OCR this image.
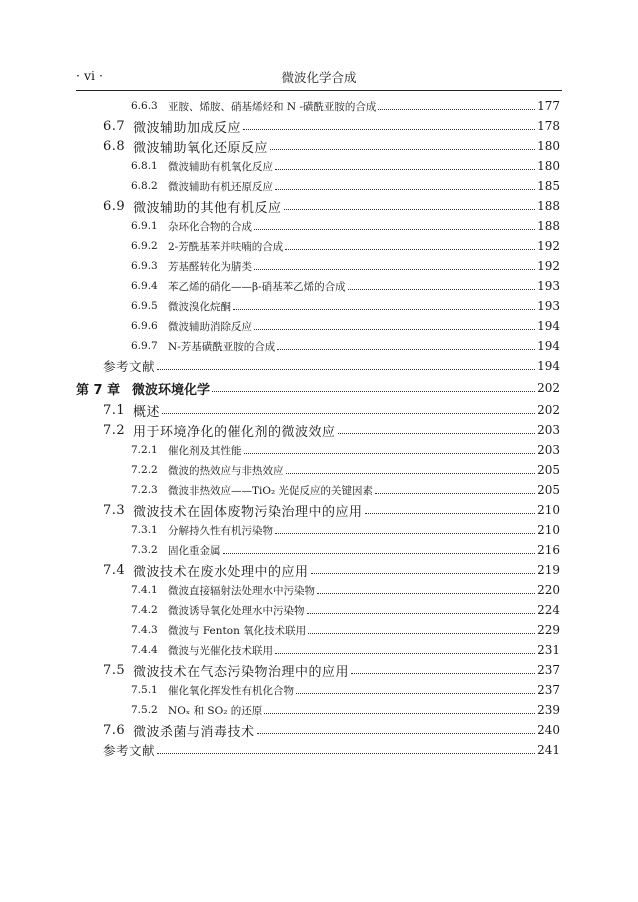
· vi ·	微波化学合成
6.6.3 亚胺、烯胺、硝基烯烃和 N -磺酰亚胺的合成	177
6.7 微波辅助加成反应	178
6.8 微波辅助氧化还原反应	180
6.8.1 微波辅助有机氧化反应	180
6.8.2 微波辅助有机还原反应	185
6.9 微波辅助的其他有机反应	188
6.9.1 杂环化合物的合成	188
6.9.2 2-芳酰基苯并呋喃的合成	192
6.9.3 芳基醛转化为腈类	192
6.9.4 苯乙烯的硝化——β-硝基苯乙烯的合成	193
6.9.5 微波溴化烷酮	193
6.9.6 微波辅助消除反应	194
6.9.7 N-芳基磺酰亚胺的合成	194
参考文献	194
第 7 章 微波环境化学	202
7.1 概述	202
7.2 用于环境净化的催化剂的微波效应	203
7.2.1 催化剂及其性能	203
7.2.2 微波的热效应与非热效应	205
7.2.3 微波非热效应——TiO₂ 光促反应的关键因素	205
7.3 微波技术在固体废物污染治理中的应用	210
7.3.1 分解持久性有机污染物	210
7.3.2 固化重金属	216
7.4 微波技术在废水处理中的应用	219
7.4.1 微波直接辐射法处理水中污染物	220
7.4.2 微波诱导氧化处理水中污染物	224
7.4.3 微波与 Fenton 氧化技术联用	229
7.4.4 微波与光催化技术联用	231
7.5 微波技术在气态污染物治理中的应用	237
7.5.1 催化氧化挥发性有机化合物	237
7.5.2 NOₓ 和 SO₂ 的还原	239
7.6 微波杀菌与消毒技术	240
参考文献	241
